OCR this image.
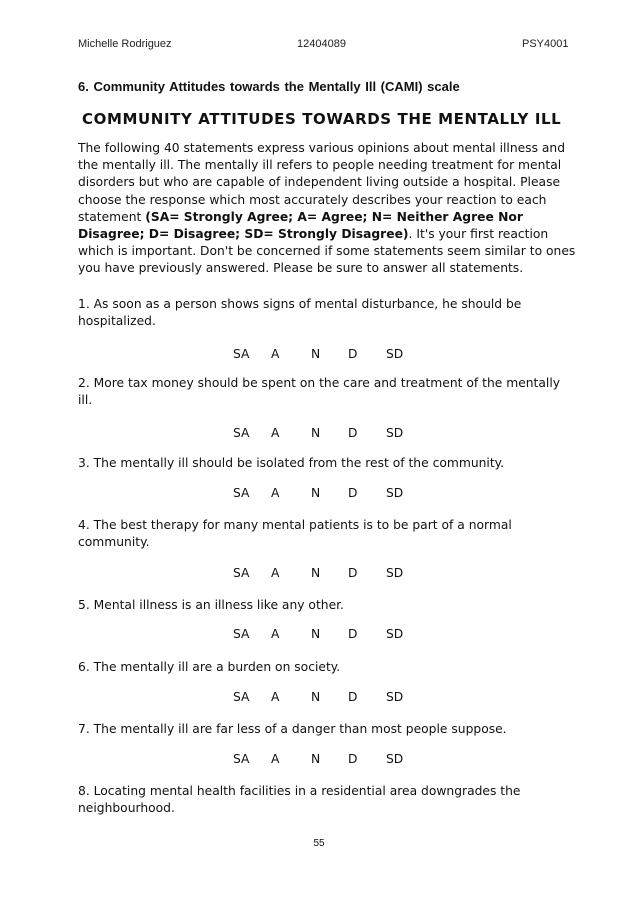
Michelle Rodriguez	12404089	PSY4001
6. Community Attitudes towards the Mentally Ill (CAMI) scale
COMMUNITY ATTITUDES TOWARDS THE MENTALLY ILL

The following 40 statements express various opinions about mental illness and the mentally ill. The mentally ill refers to people needing treatment for mental disorders but who are capable of independent living outside a hospital. Please choose the response which most accurately describes your reaction to each statement (SA= Strongly Agree; A= Agree; N= Neither Agree Nor Disagree; D= Disagree; SD= Strongly Disagree). It's your first reaction which is important. Don't be concerned if some statements seem similar to ones you have previously answered. Please be sure to answer all statements.

1. As soon as a person shows signs of mental disturbance, he should be hospitalized.

SA A	N D SD

2. More tax money should be spent on the care and treatment of the mentally ill.

SA A	N D SD

3. The mentally ill should be isolated from the rest of the community.

SA A	N D SD

4. The best therapy for many mental patients is to be part of a normal community.

SA A	N D SD

5. Mental illness is an illness like any other.

SA A	N D SD

6. The mentally ill are a burden on society.

SA A	N D SD

7. The mentally ill are far less of a danger than most people suppose.

SA A	N D SD

8. Locating mental health facilities in a residential area downgrades the neighbourhood.

55
